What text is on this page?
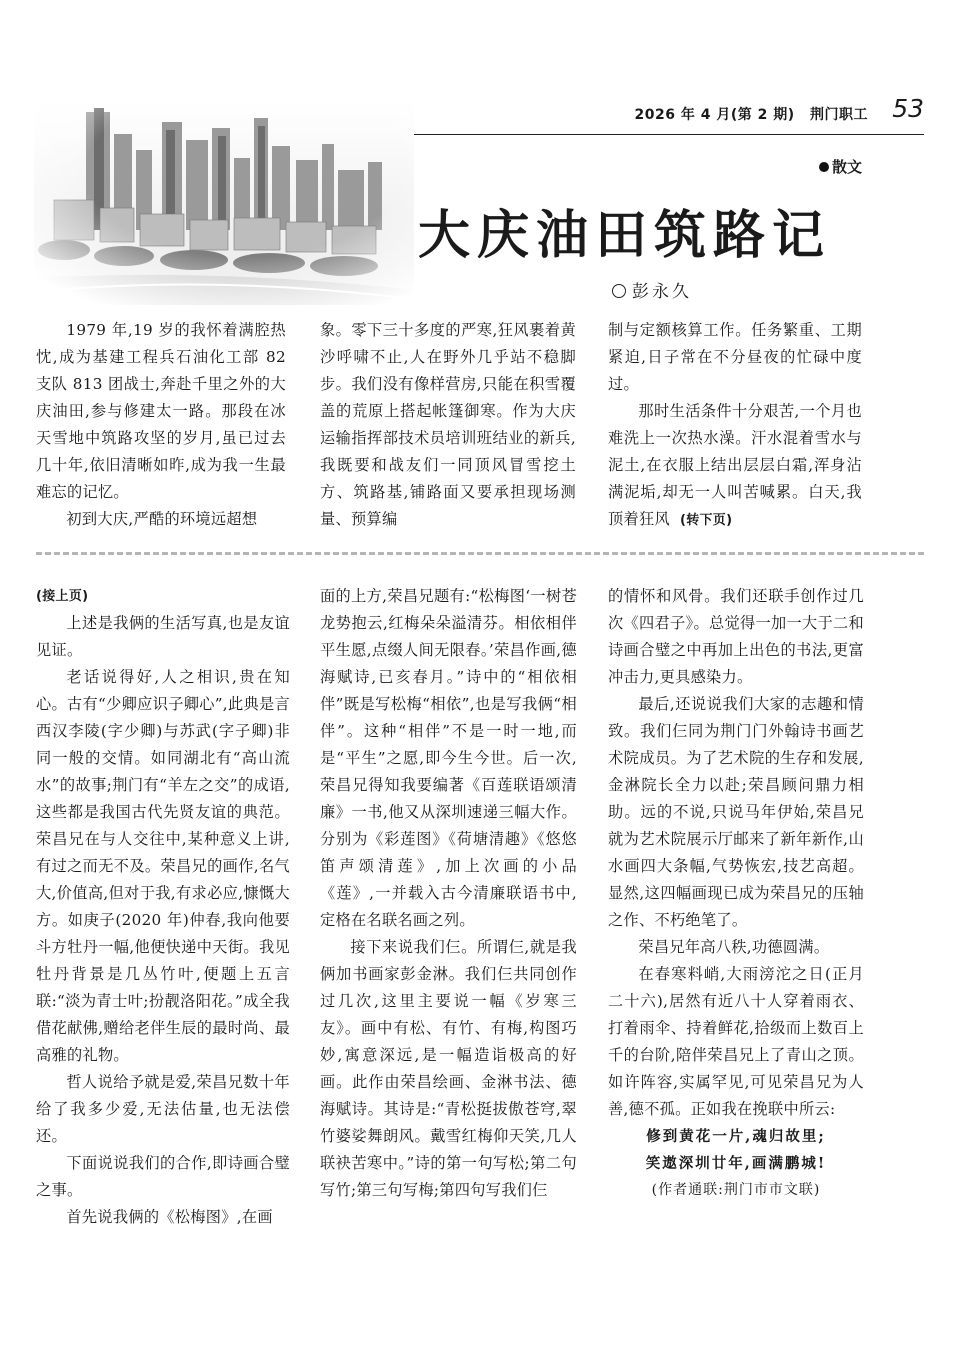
2026 年 4 月(第 2 期) 荆门职工 53
散文
大庆油田筑路记
彭永久

1979 年,19 岁的我怀着满腔热忱,成为基建工程兵石油化工部 82 支队 813 团战士,奔赴千里之外的大庆油田,参与修建太一路。那段在冰天雪地中筑路攻坚的岁月,虽已过去几十年,依旧清晰如昨,成为我一生最难忘的记忆。

初到大庆,严酷的环境远超想

象。零下三十多度的严寒,狂风裹着黄沙呼啸不止,人在野外几乎站不稳脚步。我们没有像样营房,只能在积雪覆盖的荒原上搭起帐篷御寒。作为大庆运输指挥部技术员培训班结业的新兵,我既要和战友们一同顶风冒雪挖土方、筑路基,铺路面又要承担现场测量、预算编

制与定额核算工作。任务繁重、工期紧迫,日子常在不分昼夜的忙碌中度过。

那时生活条件十分艰苦,一个月也难洗上一次热水澡。汗水混着雪水与泥土,在衣服上结出层层白霜,浑身沾满泥垢,却无一人叫苦喊累。白天,我顶着狂风 (转下页)

(接上页)

上述是我俩的生活写真,也是友谊见证。

老话说得好,人之相识,贵在知心。古有“少卿应识子卿心”,此典是言西汉李陵(字少卿)与苏武(字子卿)非同一般的交情。如同湖北有“高山流水”的故事;荆门有“羊左之交”的成语,这些都是我国古代先贤友谊的典范。荣昌兄在与人交往中,某种意义上讲,有过之而无不及。荣昌兄的画作,名气大,价值高,但对于我,有求必应,慷慨大方。如庚子(2020 年)仲春,我向他要斗方牡丹一幅,他便快递中天街。我见牡丹背景是几丛竹叶,便题上五言联:“淡为青士叶;扮靓洛阳花。”成全我借花献佛,赠给老伴生辰的最时尚、最高雅的礼物。

哲人说给予就是爱,荣昌兄数十年给了我多少爱,无法估量,也无法偿还。

下面说说我们的合作,即诗画合璧之事。

首先说我俩的《松梅图》,在画

面的上方,荣昌兄题有:“松梅图‘一树苍龙势抱云,红梅朵朵溢清芬。相依相伴平生愿,点缀人间无限春。’荣昌作画,德海赋诗,已亥春月。”诗中的“相依相伴”既是写松梅“相依”,也是写我俩“相伴”。这种“相伴”不是一时一地,而是“平生”之愿,即今生今世。后一次,荣昌兄得知我要编著《百莲联语颂清廉》一书,他又从深圳速递三幅大作。分别为《彩莲图》《荷塘清趣》《悠悠笛声颂清莲》,加上次画的小品《莲》,一并载入古今清廉联语书中,定格在名联名画之列。

接下来说我们仨。所谓仨,就是我俩加书画家彭金淋。我们仨共同创作过几次,这里主要说一幅《岁寒三友》。画中有松、有竹、有梅,构图巧妙,寓意深远,是一幅造诣极高的好画。此作由荣昌绘画、金淋书法、德海赋诗。其诗是:“青松挺拔傲苍穹,翠竹婆娑舞朗风。戴雪红梅仰天笑,几人联袂苦寒中。”诗的第一句写松;第二句写竹;第三句写梅;第四句写我们仨

的情怀和风骨。我们还联手创作过几次《四君子》。总觉得一加一大于二和诗画合璧之中再加上出色的书法,更富冲击力,更具感染力。

最后,还说说我们大家的志趣和情致。我们仨同为荆门门外翰诗书画艺术院成员。为了艺术院的生存和发展,金淋院长全力以赴;荣昌顾问鼎力相助。远的不说,只说马年伊始,荣昌兄就为艺术院展示厅邮来了新年新作,山水画四大条幅,气势恢宏,技艺高超。显然,这四幅画现已成为荣昌兄的压轴之作、不朽绝笔了。

荣昌兄年高八秩,功德圆满。

在春寒料峭,大雨滂沱之日(正月二十六),居然有近八十人穿着雨衣、打着雨伞、持着鲜花,拾级而上数百上千的台阶,陪伴荣昌兄上了青山之顶。如许阵容,实属罕见,可见荣昌兄为人善,德不孤。正如我在挽联中所云:

修到黄花一片,魂归故里;

笑遨深圳廿年,画满鹏城!

(作者通联:荆门市市文联)
